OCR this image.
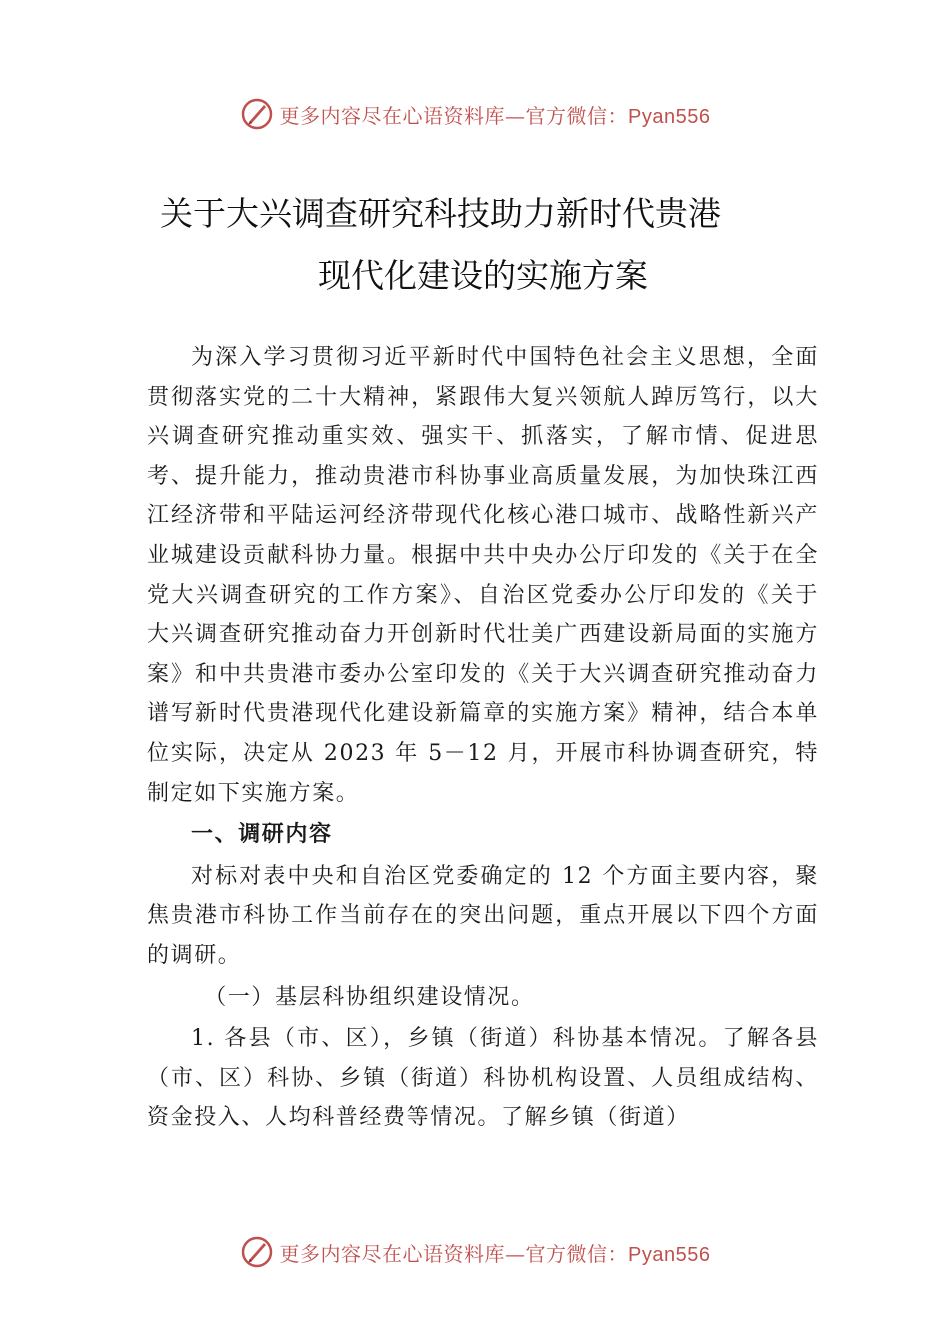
更多内容尽在心语资料库—官方微信：Pyan556
关于大兴调查研究科技助力新时代贵港
现代化建设的实施方案

为深入学习贯彻习近平新时代中国特色社会主义思想，全面贯彻落实党的二十大精神，紧跟伟大复兴领航人踔厉笃行，以大兴调查研究推动重实效、强实干、抓落实，了解市情、促进思考、提升能力，推动贵港市科协事业高质量发展，为加快珠江西江经济带和平陆运河经济带现代化核心港口城市、战略性新兴产业城建设贡献科协力量。根据中共中央办公厅印发的《关于在全党大兴调查研究的工作方案》、自治区党委办公厅印发的《关于大兴调查研究推动奋力开创新时代壮美广西建设新局面的实施方案》和中共贵港市委办公室印发的《关于大兴调查研究推动奋力谱写新时代贵港现代化建设新篇章的实施方案》精神，结合本单位实际，决定从 2023 年 5－12 月，开展市科协调查研究，特制定如下实施方案。

一、调研内容

对标对表中央和自治区党委确定的 12 个方面主要内容，聚焦贵港市科协工作当前存在的突出问题，重点开展以下四个方面的调研。

（一）基层科协组织建设情况。

1. 各县（市、区），乡镇（街道）科协基本情况。了解各县（市、区）科协、乡镇（街道）科协机构设置、人员组成结构、资金投入、人均科普经费等情况。了解乡镇（街道）

更多内容尽在心语资料库—官方微信：Pyan556
